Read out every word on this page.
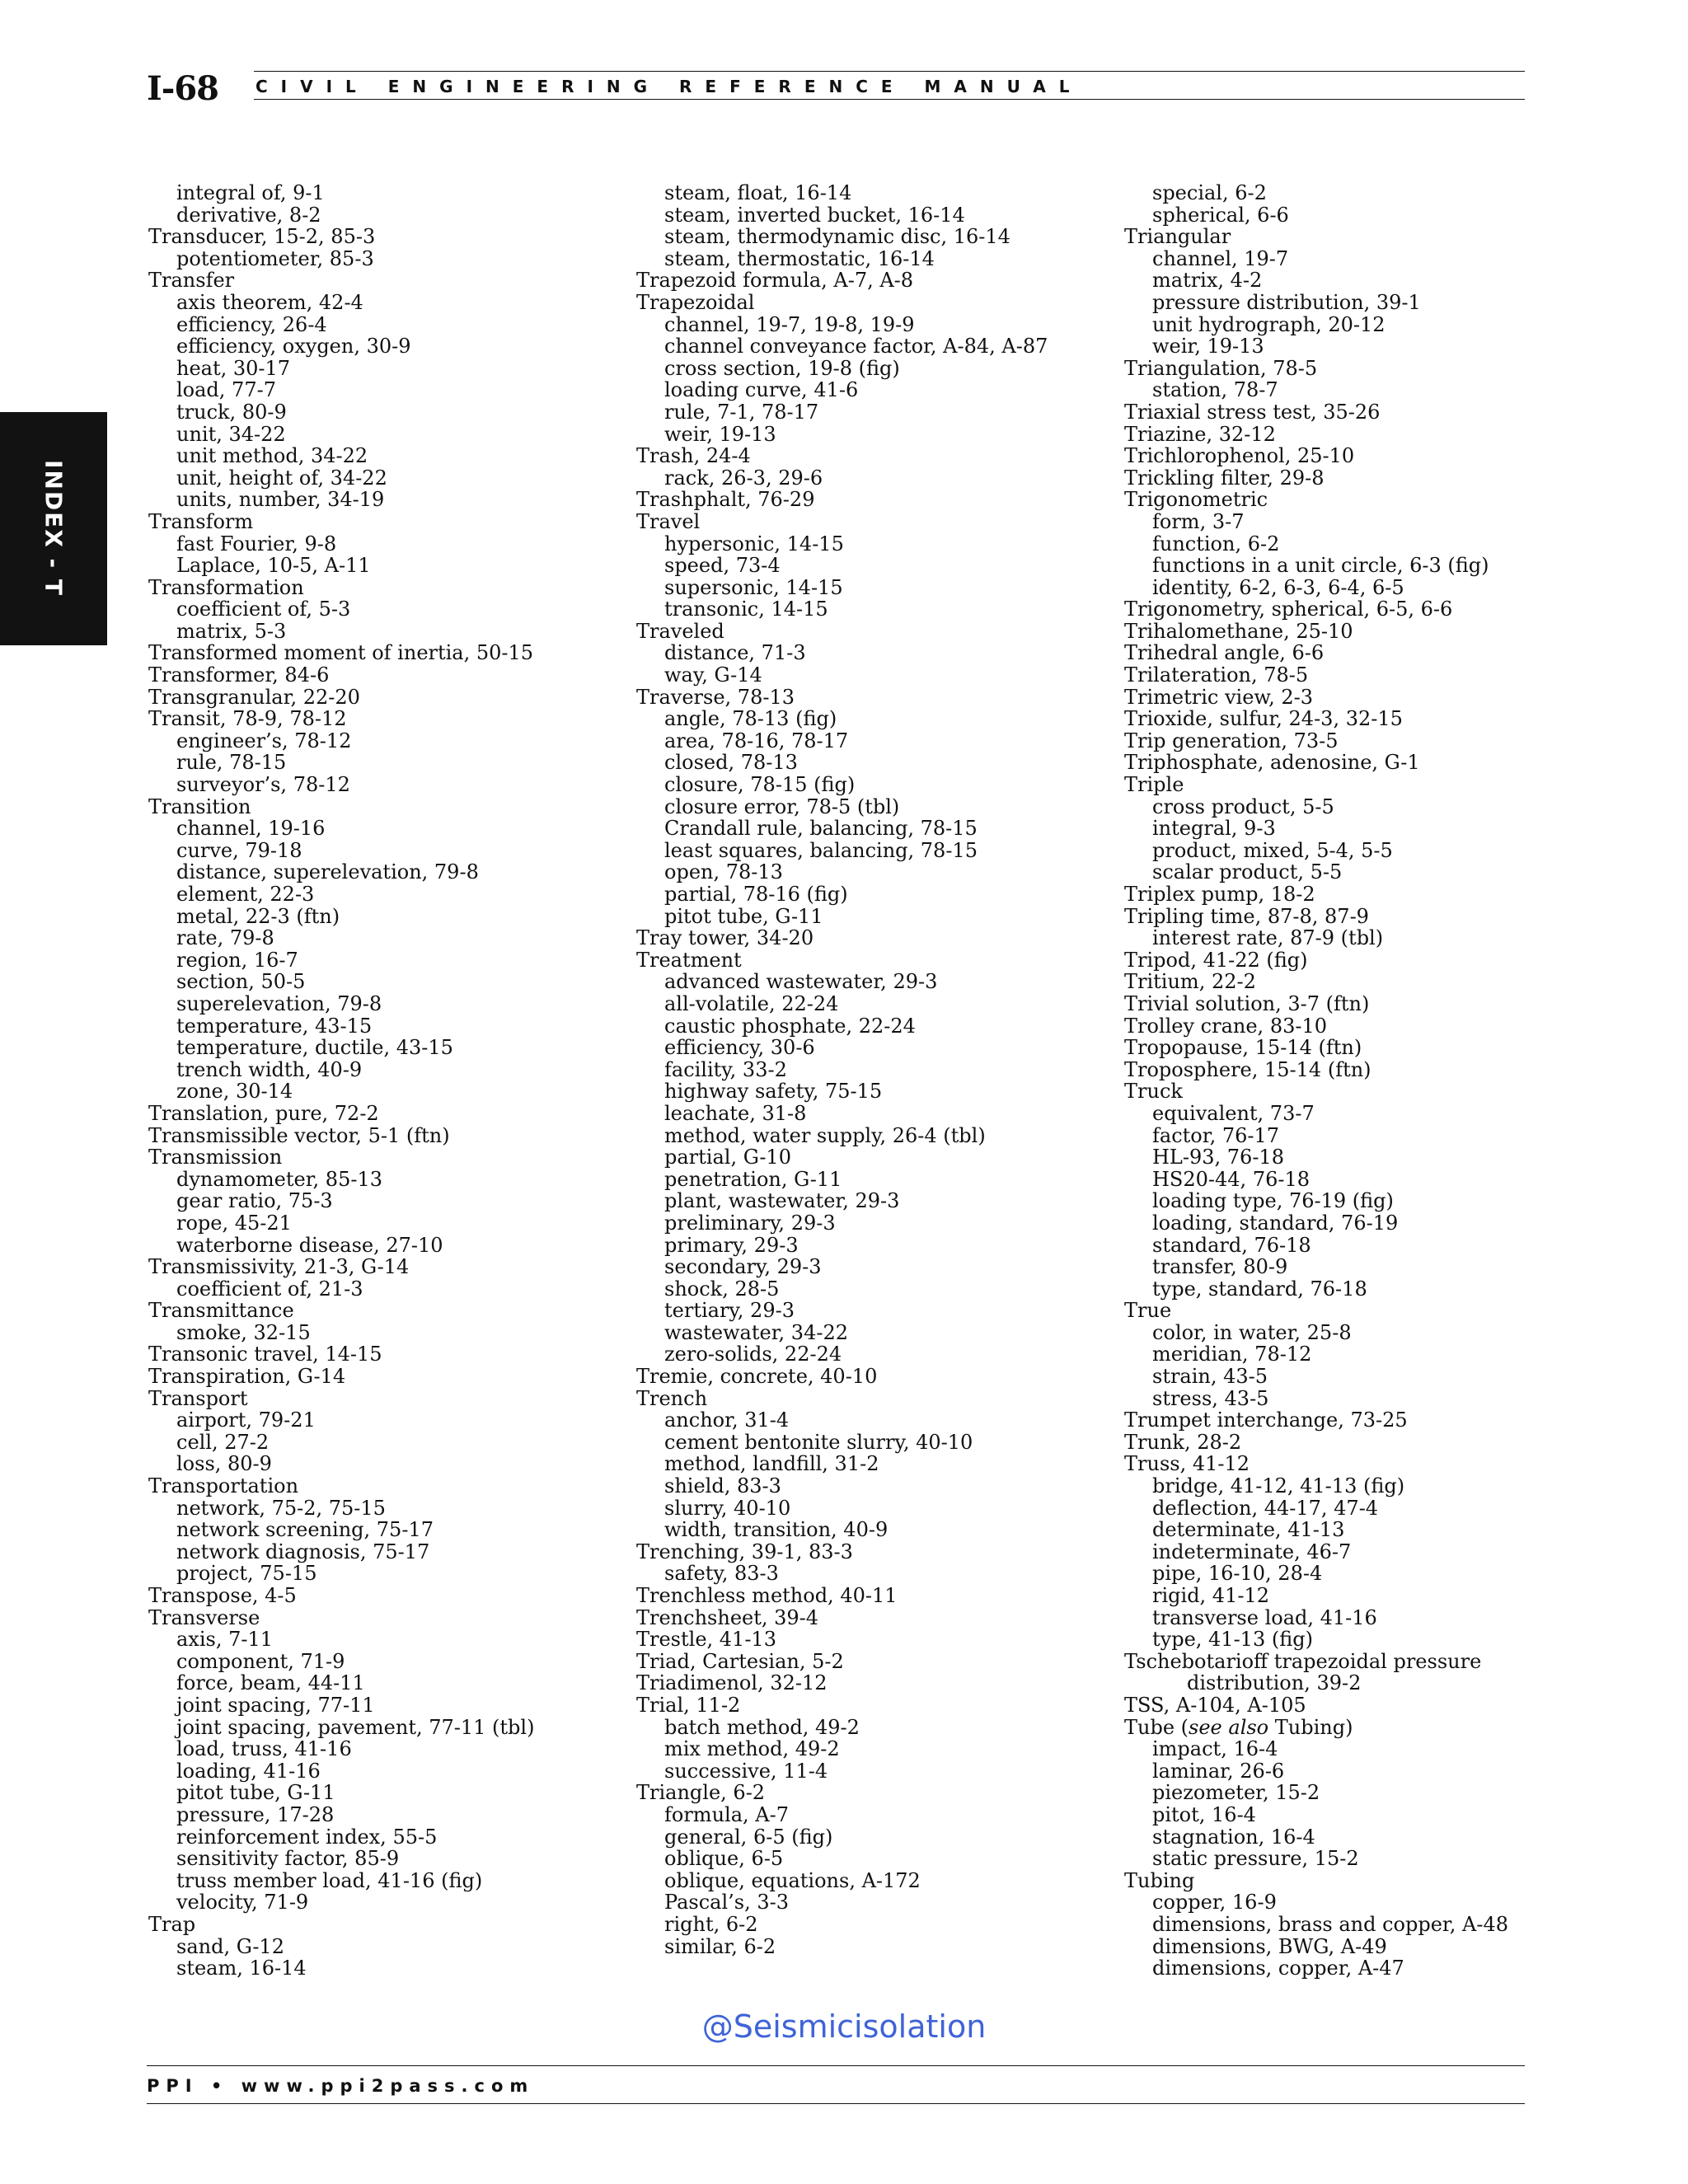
I-68 CIVIL ENGINEERING REFERENCE MANUAL
INDEX - T
integral of, 9-1
derivative, 8-2
Transducer, 15-2, 85-3
potentiometer, 85-3
Transfer
axis theorem, 42-4
efficiency, 26-4
efficiency, oxygen, 30-9
heat, 30-17
load, 77-7
truck, 80-9
unit, 34-22
unit method, 34-22
unit, height of, 34-22
units, number, 34-19
Transform
fast Fourier, 9-8
Laplace, 10-5, A-11
Transformation
coefficient of, 5-3
matrix, 5-3
Transformed moment of inertia, 50-15
Transformer, 84-6
Transgranular, 22-20
Transit, 78-9, 78-12
engineer’s, 78-12
rule, 78-15
surveyor’s, 78-12
Transition
channel, 19-16
curve, 79-18
distance, superelevation, 79-8
element, 22-3
metal, 22-3 (ftn)
rate, 79-8
region, 16-7
section, 50-5
superelevation, 79-8
temperature, 43-15
temperature, ductile, 43-15
trench width, 40-9
zone, 30-14
Translation, pure, 72-2
Transmissible vector, 5-1 (ftn)
Transmission
dynamometer, 85-13
gear ratio, 75-3
rope, 45-21
waterborne disease, 27-10
Transmissivity, 21-3, G-14
coefficient of, 21-3
Transmittance
smoke, 32-15
Transonic travel, 14-15
Transpiration, G-14
Transport
airport, 79-21
cell, 27-2
loss, 80-9
Transportation
network, 75-2, 75-15
network screening, 75-17
network diagnosis, 75-17
project, 75-15
Transpose, 4-5
Transverse
axis, 7-11
component, 71-9
force, beam, 44-11
joint spacing, 77-11
joint spacing, pavement, 77-11 (tbl)
load, truss, 41-16
loading, 41-16
pitot tube, G-11
pressure, 17-28
reinforcement index, 55-5
sensitivity factor, 85-9
truss member load, 41-16 (fig)
velocity, 71-9
Trap
sand, G-12
steam, 16-14
steam, float, 16-14
steam, inverted bucket, 16-14
steam, thermodynamic disc, 16-14
steam, thermostatic, 16-14
Trapezoid formula, A-7, A-8
Trapezoidal
channel, 19-7, 19-8, 19-9
channel conveyance factor, A-84, A-87
cross section, 19-8 (fig)
loading curve, 41-6
rule, 7-1, 78-17
weir, 19-13
Trash, 24-4
rack, 26-3, 29-6
Trashphalt, 76-29
Travel
hypersonic, 14-15
speed, 73-4
supersonic, 14-15
transonic, 14-15
Traveled
distance, 71-3
way, G-14
Traverse, 78-13
angle, 78-13 (fig)
area, 78-16, 78-17
closed, 78-13
closure, 78-15 (fig)
closure error, 78-5 (tbl)
Crandall rule, balancing, 78-15
least squares, balancing, 78-15
open, 78-13
partial, 78-16 (fig)
pitot tube, G-11
Tray tower, 34-20
Treatment
advanced wastewater, 29-3
all-volatile, 22-24
caustic phosphate, 22-24
efficiency, 30-6
facility, 33-2
highway safety, 75-15
leachate, 31-8
method, water supply, 26-4 (tbl)
partial, G-10
penetration, G-11
plant, wastewater, 29-3
preliminary, 29-3
primary, 29-3
secondary, 29-3
shock, 28-5
tertiary, 29-3
wastewater, 34-22
zero-solids, 22-24
Tremie, concrete, 40-10
Trench
anchor, 31-4
cement bentonite slurry, 40-10
method, landfill, 31-2
shield, 83-3
slurry, 40-10
width, transition, 40-9
Trenching, 39-1, 83-3
safety, 83-3
Trenchless method, 40-11
Trenchsheet, 39-4
Trestle, 41-13
Triad, Cartesian, 5-2
Triadimenol, 32-12
Trial, 11-2
batch method, 49-2
mix method, 49-2
successive, 11-4
Triangle, 6-2
formula, A-7
general, 6-5 (fig)
oblique, 6-5
oblique, equations, A-172
Pascal’s, 3-3
right, 6-2
similar, 6-2
special, 6-2
spherical, 6-6
Triangular
channel, 19-7
matrix, 4-2
pressure distribution, 39-1
unit hydrograph, 20-12
weir, 19-13
Triangulation, 78-5
station, 78-7
Triaxial stress test, 35-26
Triazine, 32-12
Trichlorophenol, 25-10
Trickling filter, 29-8
Trigonometric
form, 3-7
function, 6-2
functions in a unit circle, 6-3 (fig)
identity, 6-2, 6-3, 6-4, 6-5
Trigonometry, spherical, 6-5, 6-6
Trihalomethane, 25-10
Trihedral angle, 6-6
Trilateration, 78-5
Trimetric view, 2-3
Trioxide, sulfur, 24-3, 32-15
Trip generation, 73-5
Triphosphate, adenosine, G-1
Triple
cross product, 5-5
integral, 9-3
product, mixed, 5-4, 5-5
scalar product, 5-5
Triplex pump, 18-2
Tripling time, 87-8, 87-9
interest rate, 87-9 (tbl)
Tripod, 41-22 (fig)
Tritium, 22-2
Trivial solution, 3-7 (ftn)
Trolley crane, 83-10
Tropopause, 15-14 (ftn)
Troposphere, 15-14 (ftn)
Truck
equivalent, 73-7
factor, 76-17
HL-93, 76-18
HS20-44, 76-18
loading type, 76-19 (fig)
loading, standard, 76-19
standard, 76-18
transfer, 80-9
type, standard, 76-18
True
color, in water, 25-8
meridian, 78-12
strain, 43-5
stress, 43-5
Trumpet interchange, 73-25
Trunk, 28-2
Truss, 41-12
bridge, 41-12, 41-13 (fig)
deflection, 44-17, 47-4
determinate, 41-13
indeterminate, 46-7
pipe, 16-10, 28-4
rigid, 41-12
transverse load, 41-16
type, 41-13 (fig)
Tschebotarioff trapezoidal pressure
distribution, 39-2
TSS, A-104, A-105
Tube (see also Tubing)
impact, 16-4
laminar, 26-6
piezometer, 15-2
pitot, 16-4
stagnation, 16-4
static pressure, 15-2
Tubing
copper, 16-9
dimensions, brass and copper, A-48
dimensions, BWG, A-49
dimensions, copper, A-47
@Seismicisolation
PPI • www.ppi2pass.com
